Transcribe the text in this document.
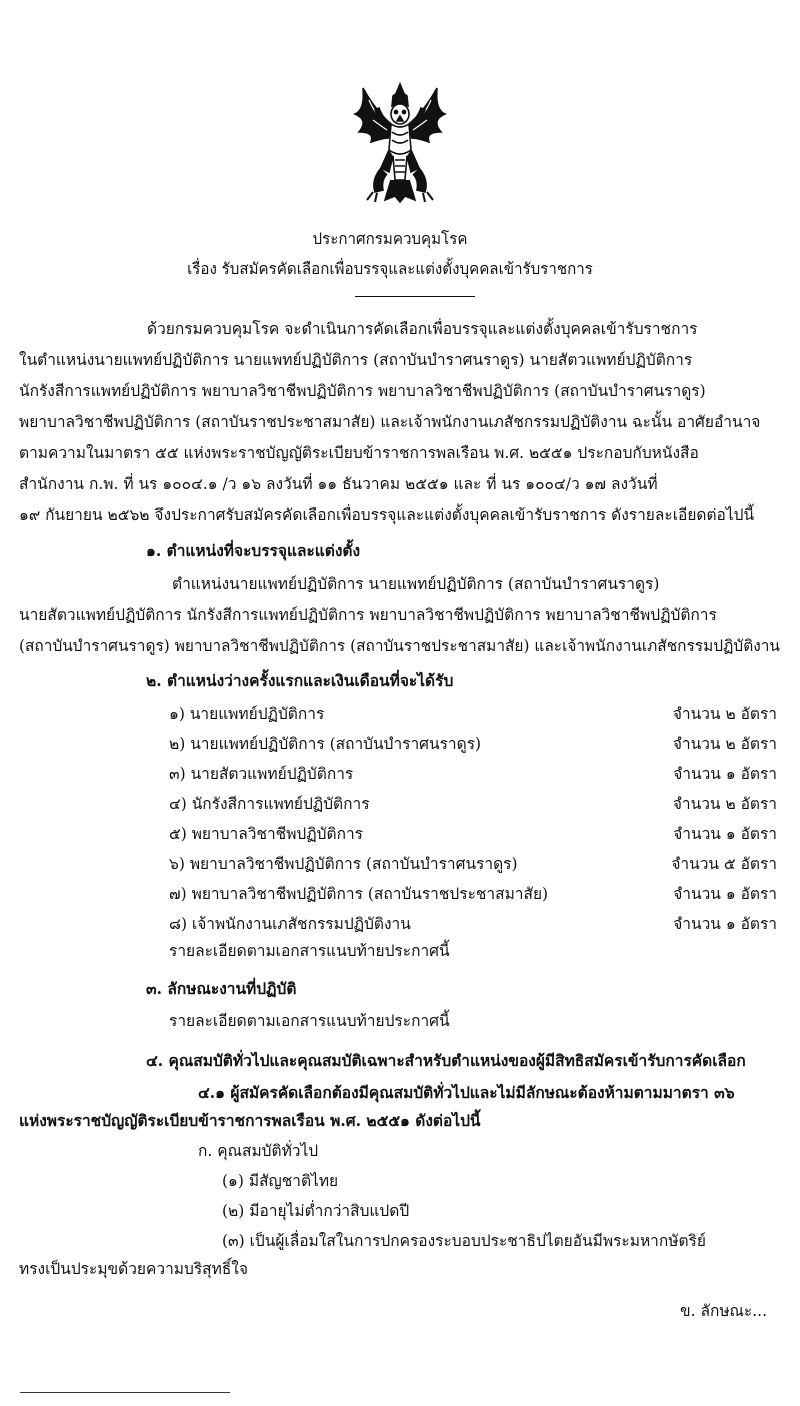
ประกาศกรมควบคุมโรค
เรื่อง รับสมัครคัดเลือกเพื่อบรรจุและแต่งตั้งบุคคลเข้ารับราชการ
ด้วยกรมควบคุมโรค จะดำเนินการคัดเลือกเพื่อบรรจุและแต่งตั้งบุคคลเข้ารับราชการ
ในตำแหน่งนายแพทย์ปฏิบัติการ นายแพทย์ปฏิบัติการ (สถาบันบำราศนราดูร) นายสัตวแพทย์ปฏิบัติการ
นักรังสีการแพทย์ปฏิบัติการ พยาบาลวิชาชีพปฏิบัติการ พยาบาลวิชาชีพปฏิบัติการ (สถาบันบำราศนราดูร)
พยาบาลวิชาชีพปฏิบัติการ (สถาบันราชประชาสมาสัย) และเจ้าพนักงานเภสัชกรรมปฏิบัติงาน ฉะนั้น อาศัยอำนาจ
ตามความในมาตรา ๕๕ แห่งพระราชบัญญัติระเบียบข้าราชการพลเรือน พ.ศ. ๒๕๕๑ ประกอบกับหนังสือ
สำนักงาน ก.พ. ที่ นร ๑๐๐๔.๑ /ว ๑๖ ลงวันที่ ๑๑ ธันวาคม ๒๕๕๑ และ ที่ นร ๑๐๐๔/ว ๑๗ ลงวันที่
๑๙ กันยายน ๒๕๖๒ จึงประกาศรับสมัครคัดเลือกเพื่อบรรจุและแต่งตั้งบุคคลเข้ารับราชการ ดังรายละเอียดต่อไปนี้
๑. ตำแหน่งที่จะบรรจุและแต่งตั้ง
ตำแหน่งนายแพทย์ปฏิบัติการ นายแพทย์ปฏิบัติการ (สถาบันบำราศนราดูร)
นายสัตวแพทย์ปฏิบัติการ นักรังสีการแพทย์ปฏิบัติการ พยาบาลวิชาชีพปฏิบัติการ พยาบาลวิชาชีพปฏิบัติการ
(สถาบันบำราศนราดูร) พยาบาลวิชาชีพปฏิบัติการ (สถาบันราชประชาสมาสัย) และเจ้าพนักงานเภสัชกรรมปฏิบัติงาน
๒. ตำแหน่งว่างครั้งแรกและเงินเดือนที่จะได้รับ
๑) นายแพทย์ปฏิบัติการ	จำนวน ๒ อัตรา
๒) นายแพทย์ปฏิบัติการ (สถาบันบำราศนราดูร)	จำนวน ๒ อัตรา
๓) นายสัตวแพทย์ปฏิบัติการ	จำนวน ๑ อัตรา
๔) นักรังสีการแพทย์ปฏิบัติการ	จำนวน ๒ อัตรา
๕) พยาบาลวิชาชีพปฏิบัติการ	จำนวน ๑ อัตรา
๖) พยาบาลวิชาชีพปฏิบัติการ (สถาบันบำราศนราดูร)	จำนวน ๕ อัตรา
๗) พยาบาลวิชาชีพปฏิบัติการ (สถาบันราชประชาสมาสัย)	จำนวน ๑ อัตรา
๘) เจ้าพนักงานเภสัชกรรมปฏิบัติงาน	จำนวน ๑ อัตรา
รายละเอียดตามเอกสารแนบท้ายประกาศนี้
๓. ลักษณะงานที่ปฏิบัติ
รายละเอียดตามเอกสารแนบท้ายประกาศนี้
๔. คุณสมบัติทั่วไปและคุณสมบัติเฉพาะสำหรับตำแหน่งของผู้มีสิทธิสมัครเข้ารับการคัดเลือก
๔.๑ ผู้สมัครคัดเลือกต้องมีคุณสมบัติทั่วไปและไม่มีลักษณะต้องห้ามตามมาตรา ๓๖
แห่งพระราชบัญญัติระเบียบข้าราชการพลเรือน พ.ศ. ๒๕๕๑ ดังต่อไปนี้
ก. คุณสมบัติทั่วไป
(๑) มีสัญชาติไทย
(๒) มีอายุไม่ต่ำกว่าสิบแปดปี
(๓) เป็นผู้เลื่อมใสในการปกครองระบอบประชาธิปไตยอันมีพระมหากษัตริย์
ทรงเป็นประมุขด้วยความบริสุทธิ์ใจ
ข. ลักษณะ...
